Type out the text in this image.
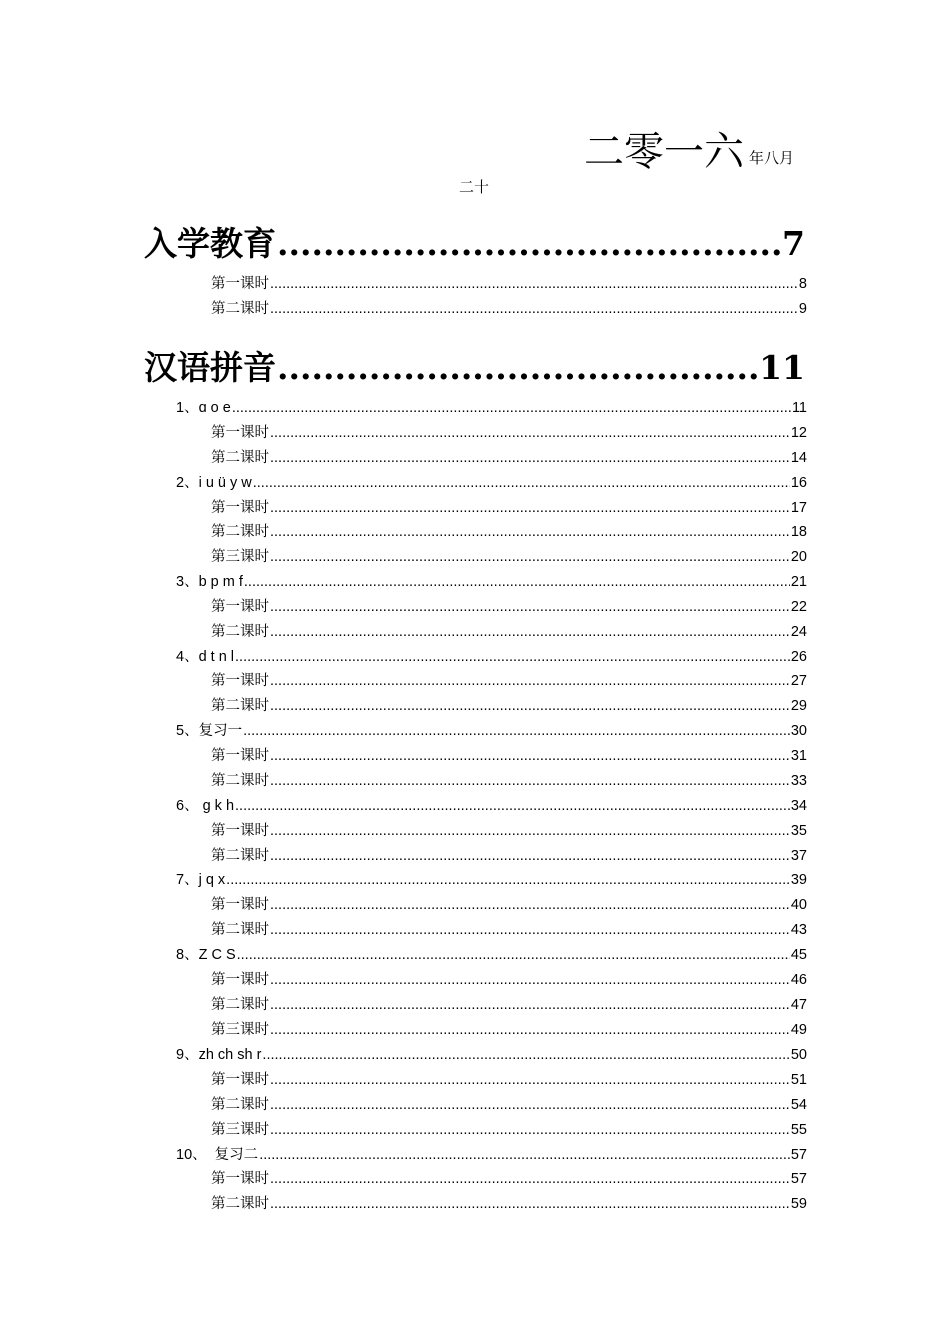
二零一六 年八月
二十
入学教育 .....	7
第一课时 .....	8
第二课时 .....	9
汉语拼音 .....	11
1、ɑ o e .....	11
第一课时 .....	12
第二课时 .....	14
2、i u ü y w .....	16
第一课时 .....	17
第二课时 .....	18
第三课时 .....	20
3、b p m f .....	21
第一课时 .....	22
第二课时 .....	24
4、d t n l .....	26
第一课时 .....	27
第二课时 .....	29
5、复习一 .....	30
第一课时 .....	31
第二课时 .....	33
6、 ɡ k h .....	34
第一课时 .....	35
第二课时 .....	37
7、j q x .....	39
第一课时 .....	40
第二课时 .....	43
8、Z C S .....	45
第一课时 .....	46
第二课时 .....	47
第三课时 .....	49
9、zh ch sh r .....	50
第一课时 .....	51
第二课时 .....	54
第三课时 .....	55
10、  复习二 .....	57
第一课时 .....	57
第二课时 .....	59
